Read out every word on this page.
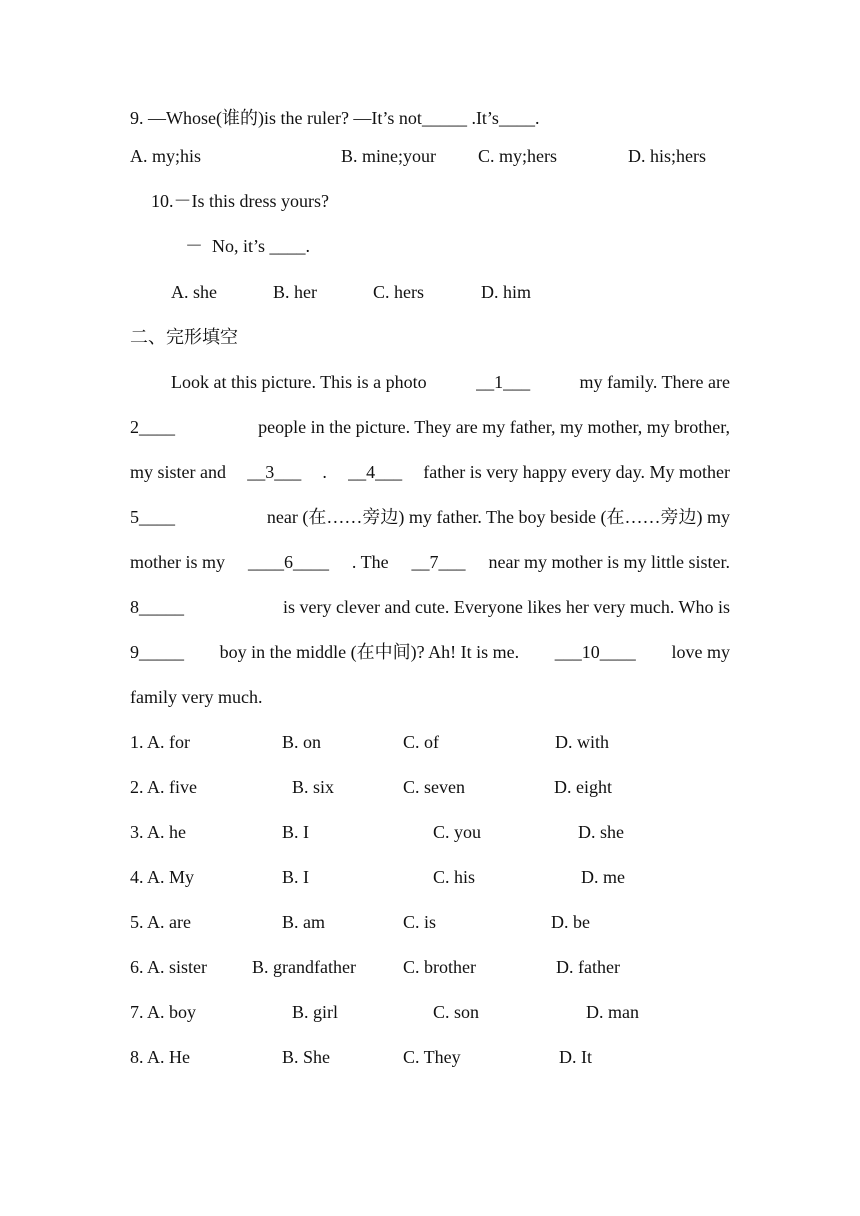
9. —Whose(谁的)is the ruler? —It’s not_____ .It’s____.
A. my;his	B. mine;your C. my;hers	D. his;hers
10.－Is this dress yours?
－  No, it’s ____.
A. she	B. her	C. hers	D. him
二、完形填空
Look at this picture. This is a photo	__1___	my family. There are
2____	people in the picture. They are my father, my mother, my brother,
my sister and __3___ . __4___ father is very happy every day. My mother
5____	near (在……旁边) my father. The boy beside (在……旁边) my
mother is my ____6____ . The __7___ near my mother is my little sister.
8_____	is very clever and cute. Everyone likes her very much. Who is
9_____ boy in the middle (在中间)? Ah! It is me. ___10____ love my
family very much.
1. A. for	B. on	C. of	D. with
2. A. five	B. six	C. seven	D. eight
3. A. he	B. I	C. you	D. she
4. A. My	B. I	C. his	D. me
5. A. are	B. am	C. is	D. be
6. A. sister B. grandfather	C. brother	D. father
7. A. boy	B. girl	C. son	D. man
8. A. He	B. She	C. They	D. It
